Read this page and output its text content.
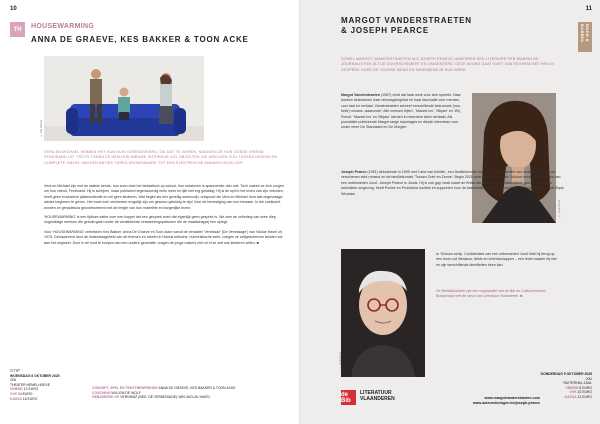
10
TH	HOUSEWARMING
ANNA DE GRAEVE, KES BAKKER & TOON ACKE
© Bas Stokvis
VERA EN MICHAEL HEBBEN HET HUN HUIS GERENOVEERD. OM DAT TE VIEREN, NODIGEN ZE HUN GOEDE VRIEND FERDINAND UIT. TROTS TONEN ZE HEM HUN NIEUWE INTERIEUR VOL OBJECTEN DIE GEKOZEN ZIJN TUSSEN DESIGN EN COMPLETE ONZIN: VAN EEN ANTIEK TURKS KROMZWAARD TOT EEN ELEKTRISCHE AMANDELSCHILLER.

Vera en Michael zijn met de laatste trends, hun zoon doet het fantastisch op school, hun seksleven is spannender dan ooit. Toch maken ze zich zorgen om hun vriend, Ferdinand. Hij is schrijver, maar publiceert tegenwoordig niets meer en lijkt niet erg gelukkig. Hij is de spil in het leven van zijn vrienden, heeft geen exclusieve platencollectie en wil geen kinderen. Wat begint als een gezellig samenzijn, ontspoort als Vera en Michael hem wat ongevraagd advies beginnen te geven. Het moet toch verdomme mogelijk zijn om gewoon gelukkig te zijn! Voor de bevestiging van hun bestaan. In die zoektocht worden ze genadeloos geconfronteerd met de leegte van hun materiële en burgerlijke leven.

'HOUSEWARMING' is een tijdloze satire over een koppel dat een gesprek voert dat eigenlijk geen gesprek is. We zien de ontleding van twee diep ongelukkige mensen die gebukt gaan onder de verstikkende verwachtingspatronen die de maatschappij hen oplegt.

Voor 'HOUSEWARMING' vertrekken Kes Bakker, Anna De Graeve en Toon Acke vanuit de eenakter 'Vernissáž' (De Vernissage') van Václav Havel uit 1975. Geïnspireerd door de hedendaagsheid van de thema's en ideeën in Havels kritische, humoristische werk, voegen ze zelfgeschreven teksten toe aan het origineel. Door in de huid te kruipen van een oudere generatie, vragen de jonge makers zich af of ze zelf ook kinderen willen. ■

STIP
WOENSDAG 8 OKTOBER 2025
20U
THEATER HEMELHOEVE
VRIEND 12 EURO
VVK 14 EURO
KASSA 16 EURO
CONCEPT, SPEL EN TEKSTBEWERKING ANNA DE GRAEVE, KES BAKKER & TOON ACKE
COACHING WILLEM DE WOLF
GEBASEERD OP VERNISÁŽ (NED. DE VERNISSAGE) VAN VACLAV HAVEL
11
BOEK & BABBEL
MARGOT VANDERSTRAETEN
& JOSEPH PEARCE
ZOWEL MARGOT VANDERSTRAETEN ALS JOSEPH PEARCE HANTEREN EEN LITERAIRE PEN WAARIN DE JOURNALISTIEK ALTIJD DOORSCHEMERT EN OMGEKEERD. DEZE AVOND GAAT KURT VAN EEGHEM MET HEN IN GESPREK OVER DE JOODSE MENS EN MEDEMENS IN HUN WERK.

Margot Vanderstraeten (1967) vindt dat haar werk voor zich spreekt. Haar boeken belichamen haar nieuwsgierigheid en haar fascinatie voor mensen, voor taal en verhaal. Vanderstraeten schreef verschillende bekroonde (non-fictie) romans, waaronder 'Alle mensen bijten', 'Mazzel tov', 'Mirjam' en 'Wij, Roma'. 'Mazzel tov' en 'Mirjam' werden in meerdere talen vertaald. Als journaliste publiceerde Margot lange reportages en diepte-interviews voor onder meer De Standaard en De Morgen.

© Koen Broos

Joseph Pearce (1951) debuteerde in 1999 met 'Land van belofte', een familiekroniek over zijn Joodse familie van vaderszijde. Daarna verschenen acht romans en de familiekroniek 'Tussen Oder en Zenne'. Begin 2025 verschenen de roman 'Schoon schip. Confidenties van een onbesneden Jood'. Joseph Pearce is Joods. Hij is ook gay, bezit zowel de Britse als de Belgische nationaliteit, groeide op in een katholieke omgeving, heeft Poolse en Pruisische wortels en supportert voor de basketbalclub Bavi Vilvoorde en de Poolse voetbalclub Śląsk Wrocław.

© Koen Broos
In 'Schoon schip. Confidenties van een onbesneden Jood' blikt hij terug op een leven vol literatuur, liefde en vriendschappen – een leven waarin hij met en zijn verschillende identiteiten heen kan.
De Boek&Babbels zijn een organisatie van de Bib en Cultuurcentrum Brasschaat met de steun van Literatuur Vlaanderen. ■
de Bib
LITERATUUR
VLAANDEREN	www.margotvanderstraeten.com
www.auteurslezingen.be/joseph-pearce
DONDERDAG 9 OKTOBER 2025
20U
RUITERHAL ZAAL
VRIEND 8 EURO
VVK 10 EURO
KASSA 12 EURO
